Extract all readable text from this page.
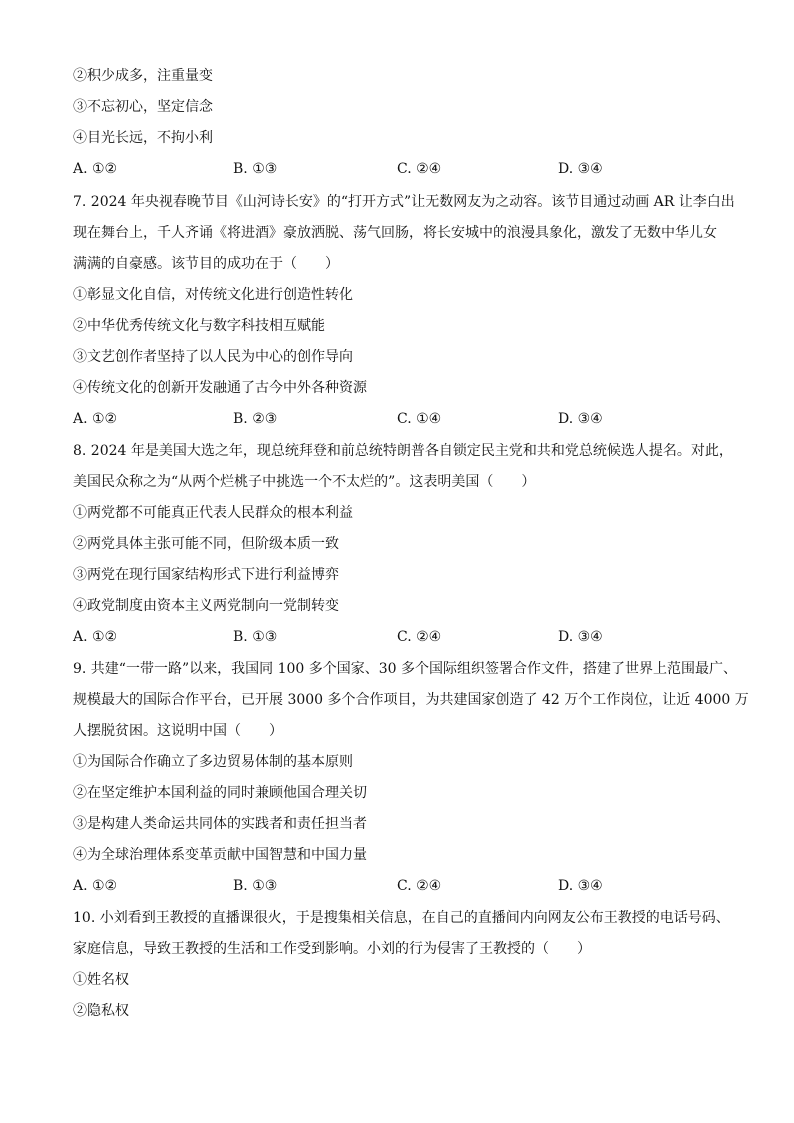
②积少成多，注重量变
③不忘初心，坚定信念
④目光长远，不拘小利
A. ①②	B. ①③	C. ②④	D. ③④
7. 2024 年央视春晚节目《山河诗长安》的“打开方式”让无数网友为之动容。该节目通过动画 AR 让李白出
现在舞台上，千人齐诵《将进酒》豪放洒脱、荡气回肠，将长安城中的浪漫具象化，激发了无数中华儿女
满满的自豪感。该节目的成功在于（　　）
①彰显文化自信，对传统文化进行创造性转化
②中华优秀传统文化与数字科技相互赋能
③文艺创作者坚持了以人民为中心的创作导向
④传统文化的创新开发融通了古今中外各种资源
A. ①②	B. ②③	C. ①④	D. ③④
8. 2024 年是美国大选之年，现总统拜登和前总统特朗普各自锁定民主党和共和党总统候选人提名。对此，
美国民众称之为“从两个烂桃子中挑选一个不太烂的”。这表明美国（　　）
①两党都不可能真正代表人民群众的根本利益
②两党具体主张可能不同，但阶级本质一致
③两党在现行国家结构形式下进行利益博弈
④政党制度由资本主义两党制向一党制转变
A. ①②	B. ①③	C. ②④	D. ③④
9. 共建“一带一路”以来，我国同 100 多个国家、30 多个国际组织签署合作文件，搭建了世界上范围最广、
规模最大的国际合作平台，已开展 3000 多个合作项目，为共建国家创造了 42 万个工作岗位，让近 4000 万
人摆脱贫困。这说明中国（　　）
①为国际合作确立了多边贸易体制的基本原则
②在坚定维护本国利益的同时兼顾他国合理关切
③是构建人类命运共同体的实践者和责任担当者
④为全球治理体系变革贡献中国智慧和中国力量
A. ①②	B. ①③	C. ②④	D. ③④
10. 小刘看到王教授的直播课很火，于是搜集相关信息，在自己的直播间内向网友公布王教授的电话号码、
家庭信息，导致王教授的生活和工作受到影响。小刘的行为侵害了王教授的（　　）
①姓名权
②隐私权
